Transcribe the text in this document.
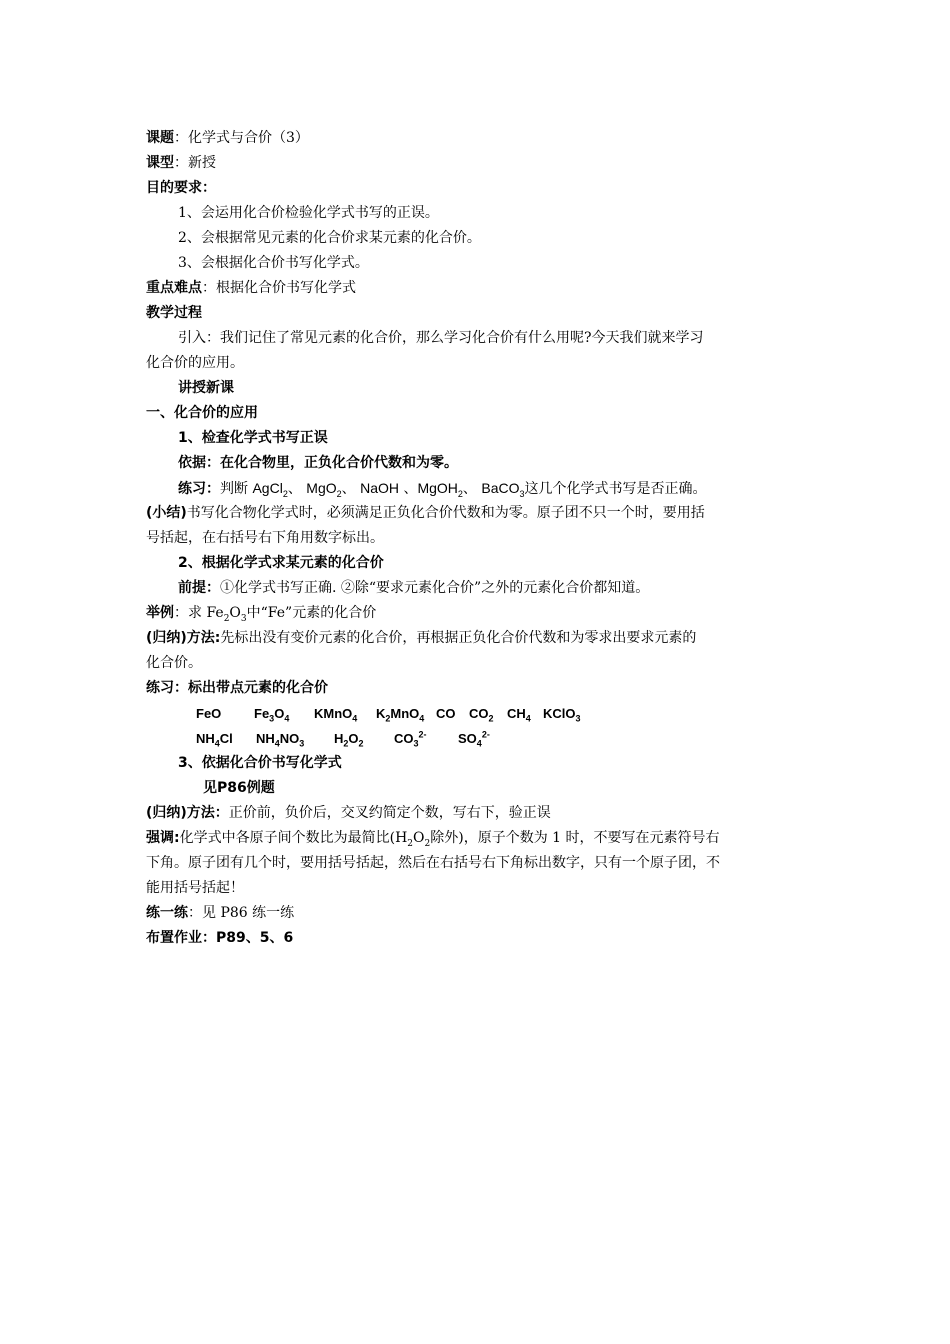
课题：化学式与合价（3）
课型：新授
目的要求：
1、会运用化合价检验化学式书写的正误。
2、会根据常见元素的化合价求某元素的化合价。
3、会根据化合价书写化学式。
重点难点：根据化合价书写化学式
教学过程
引入：我们记住了常见元素的化合价，那么学习化合价有什么用呢?今天我们就来学习
化合价的应用。
讲授新课
一、化合价的应用
1、检查化学式书写正误
依据：在化合物里，正负化合价代数和为零。
练习：判断 AgCl$_2$、 MgO$_2$、 NaOH 、MgOH$_2$、 BaCO$_3$这几个化学式书写是否正确。
(小结)书写化合物化学式时，必须满足正负化合价代数和为零。原子团不只一个时，要用括
号括起，在右括号右下角用数字标出。
2、根据化学式求某元素的化合价
前提：①化学式书写正确. ②除“要求元素化合价”之外的元素化合价都知道。
举例：求 $Fe_2O_3$中“Fe”元素的化合价
(归纳)方法:先标出没有变价元素的化合价，再根据正负化合价代数和为零求出要求元素的
化合价。
练习：标出带点元素的化合价
FeO	$Fe_3O_4$ KMnO$_4$ $K_2MnO_4$ CO $CO_2$ $CH_4$ KClO$_3$
$NH_4Cl$ $NH_4NO_3$ $H_2O_2$ $CO_3^{2-}$ $SO_4^{2-}$
3、依据化合价书写化学式
见P86例题
(归纳)方法：正价前，负价后，交叉约简定个数，写右下，验正误
强调:化学式中各原子间个数比为最简比($H_2O_2$除外)，原子个数为 1 时，不要写在元素符号右
下角。原子团有几个时，要用括号括起，然后在右括号右下角标出数字，只有一个原子团，不
能用括号括起！
练一练：见 P86 练一练
布置作业：P89、5、6
